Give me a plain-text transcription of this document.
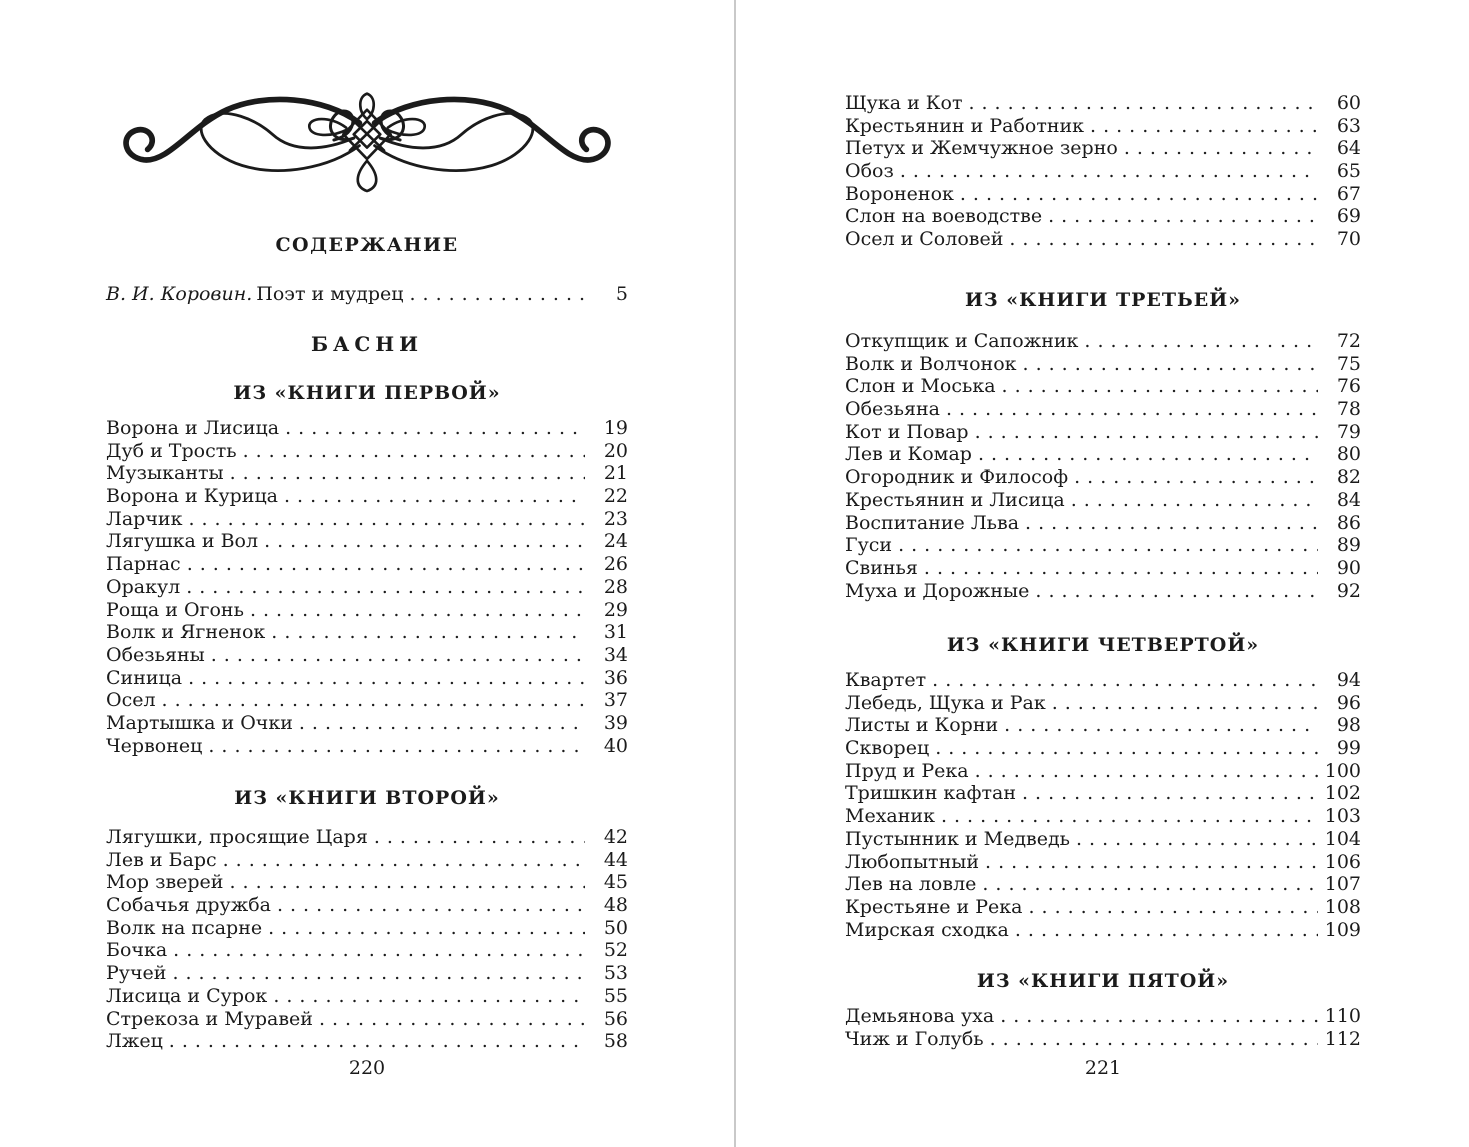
СОДЕРЖАНИЕ
В. И. Коровин. Поэт и мудрец .....	5
БАСНИ
ИЗ «КНИГИ ПЕРВОЙ»
Ворона и Лисица .....	19
Дуб и Трость .....	20
Музыканты .....	21
Ворона и Курица .....	22
Ларчик .....	23
Лягушка и Вол .....	24
Парнас .....	26
Оракул .....	28
Роща и Огонь .....	29
Волк и Ягненок .....	31
Обезьяны .....	34
Синица .....	36
Осел .....	37
Мартышка и Очки .....	39
Червонец .....	40
ИЗ «КНИГИ ВТОРОЙ»
Лягушки, просящие Царя .....	42
Лев и Барс .....	44
Мор зверей .....	45
Собачья дружба .....	48
Волк на псарне .....	50
Бочка .....	52
Ручей .....	53
Лисица и Сурок .....	55
Стрекоза и Муравей .....	56
Лжец .....	58
220
Щука и Кот .....	60
Крестьянин и Работник .....	63
Петух и Жемчужное зерно .....	64
Обоз .....	65
Вороненок .....	67
Слон на воеводстве .....	69
Осел и Соловей .....	70
ИЗ «КНИГИ ТРЕТЬЕЙ»
Откупщик и Сапожник .....	72
Волк и Волчонок .....	75
Слон и Моська .....	76
Обезьяна .....	78
Кот и Повар .....	79
Лев и Комар .....	80
Огородник и Философ .....	82
Крестьянин и Лисица .....	84
Воспитание Льва .....	86
Гуси .....	89
Свинья .....	90
Муха и Дорожные .....	92
ИЗ «КНИГИ ЧЕТВЕРТОЙ»
Квартет .....	94
Лебедь, Щука и Рак .....	96
Листы и Корни .....	98
Скворец .....	99
Пруд и Река .....	100
Тришкин кафтан .....	102
Механик .....	103
Пустынник и Медведь .....	104
Любопытный .....	106
Лев на ловле .....	107
Крестьяне и Река .....	108
Мирская сходка .....	109
ИЗ «КНИГИ ПЯТОЙ»
Демьянова уха .....	110
Чиж и Голубь .....	112
221
